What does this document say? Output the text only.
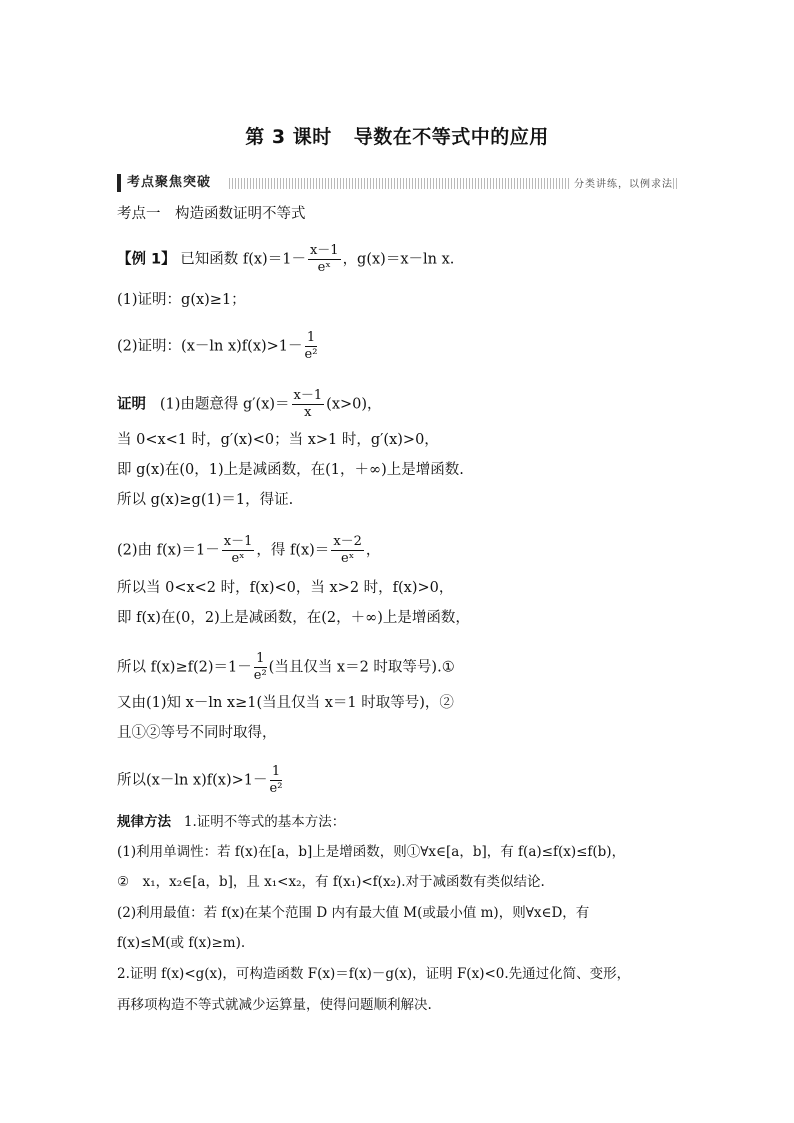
第 3 课时 导数在不等式中的应用
考点聚焦突破	分类讲练，以例求法
考点一　构造函数证明不等式
【例 1】 已知函数 $f(x)=1- \frac{x-1}{\text{eˣ}}$ ，g(x)＝x－ln x.
(1)证明：g(x)≥1；
(2)证明：(x－ln $x)f(x)>1- \frac{1}{\text{e²}}$
证明 (1)由题意得 $g'(x)= \frac{x-1}{x} (x>0)$，
当 0<x<1 时，g′(x)<0；当 x>1 时，g′(x)>0，
即 g(x)在(0，1)上是减函数，在(1，＋∞)上是增函数.
所以 g(x)≥g(1)＝1，得证.
(2)由 $f(x)=1- \frac{x-1}{\text{eˣ}}$ ，得 $f(x)= \frac{x-2}{\text{eˣ}}$ ，
所以当 0<x<2 时，f(x)<0，当 x>2 时，f(x)>0，
即 f(x)在(0，2)上是减函数，在(2，＋∞)上是增函数，
所以 $f(x)\ge f(2)=1- \frac{1}{\text{e²}}$ (当且仅当 x＝2 时取等号).①
又由(1)知 x－ln x≥1(当且仅当 x＝1 时取等号)，②
且①②等号不同时取得，
所以(x－ln $x)f(x)>1- \frac{1}{\text{e²}}$
规律方法 1.证明不等式的基本方法：
(1)利用单调性：若 f(x)在[a，b]上是增函数，则①∀x∈[a，b]，有 f(a)≤f(x)≤f(b)，
②　x₁，x₂∈[a，b]，且 x₁<x₂，有 f(x₁)<f(x₂).对于减函数有类似结论.
(2)利用最值：若 f(x)在某个范围 D 内有最大值 M(或最小值 m)，则∀x∈D，有
f(x)≤M(或 f(x)≥m).
2.证明 f(x)<g(x)，可构造函数 F(x)＝f(x)－g(x)，证明 F(x)<0.先通过化简、变形，
再移项构造不等式就减少运算量，使得问题顺利解决.
